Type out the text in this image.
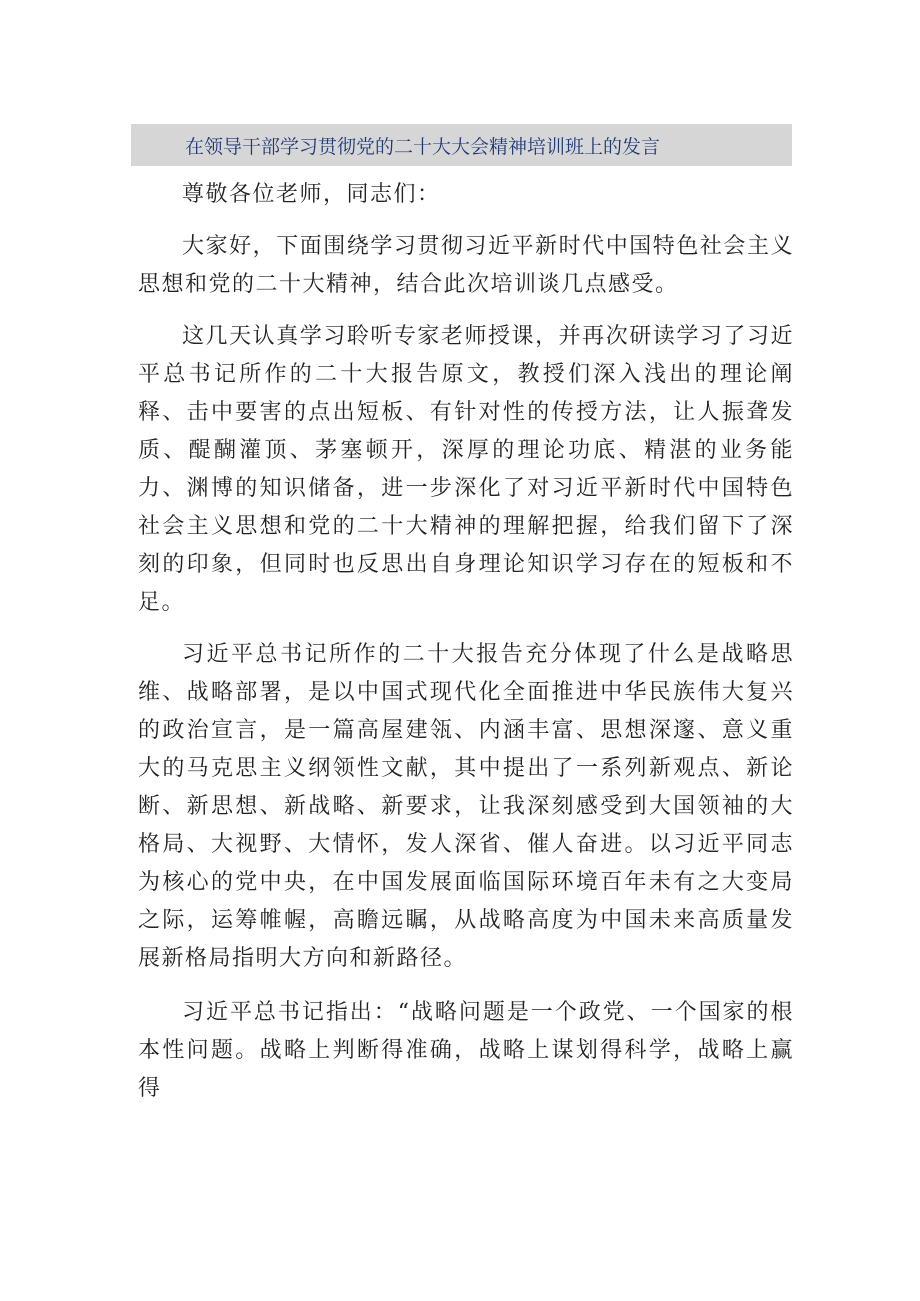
在领导干部学习贯彻党的二十大大会精神培训班上的发言

尊敬各位老师，同志们：

大家好，下面围绕学习贯彻习近平新时代中国特色社会主义思想和党的二十大精神，结合此次培训谈几点感受。

这几天认真学习聆听专家老师授课，并再次研读学习了习近平总书记所作的二十大报告原文，教授们深入浅出的理论阐释、击中要害的点出短板、有针对性的传授方法，让人振聋发质、醍醐灌顶、茅塞顿开，深厚的理论功底、精湛的业务能力、渊博的知识储备，进一步深化了对习近平新时代中国特色社会主义思想和党的二十大精神的理解把握，给我们留下了深刻的印象，但同时也反思出自身理论知识学习存在的短板和不足。

习近平总书记所作的二十大报告充分体现了什么是战略思维、战略部署，是以中国式现代化全面推进中华民族伟大复兴的政治宣言，是一篇高屋建瓴、内涵丰富、思想深邃、意义重大的马克思主义纲领性文献，其中提出了一系列新观点、新论断、新思想、新战略、新要求，让我深刻感受到大国领袖的大格局、大视野、大情怀，发人深省、催人奋进。以习近平同志为核心的党中央，在中国发展面临国际环境百年未有之大变局之际，运筹帷幄，高瞻远瞩，从战略高度为中国未来高质量发展新格局指明大方向和新路径。

习近平总书记指出：“战略问题是一个政党、一个国家的根本性问题。战略上判断得准确，战略上谋划得科学，战略上赢得
